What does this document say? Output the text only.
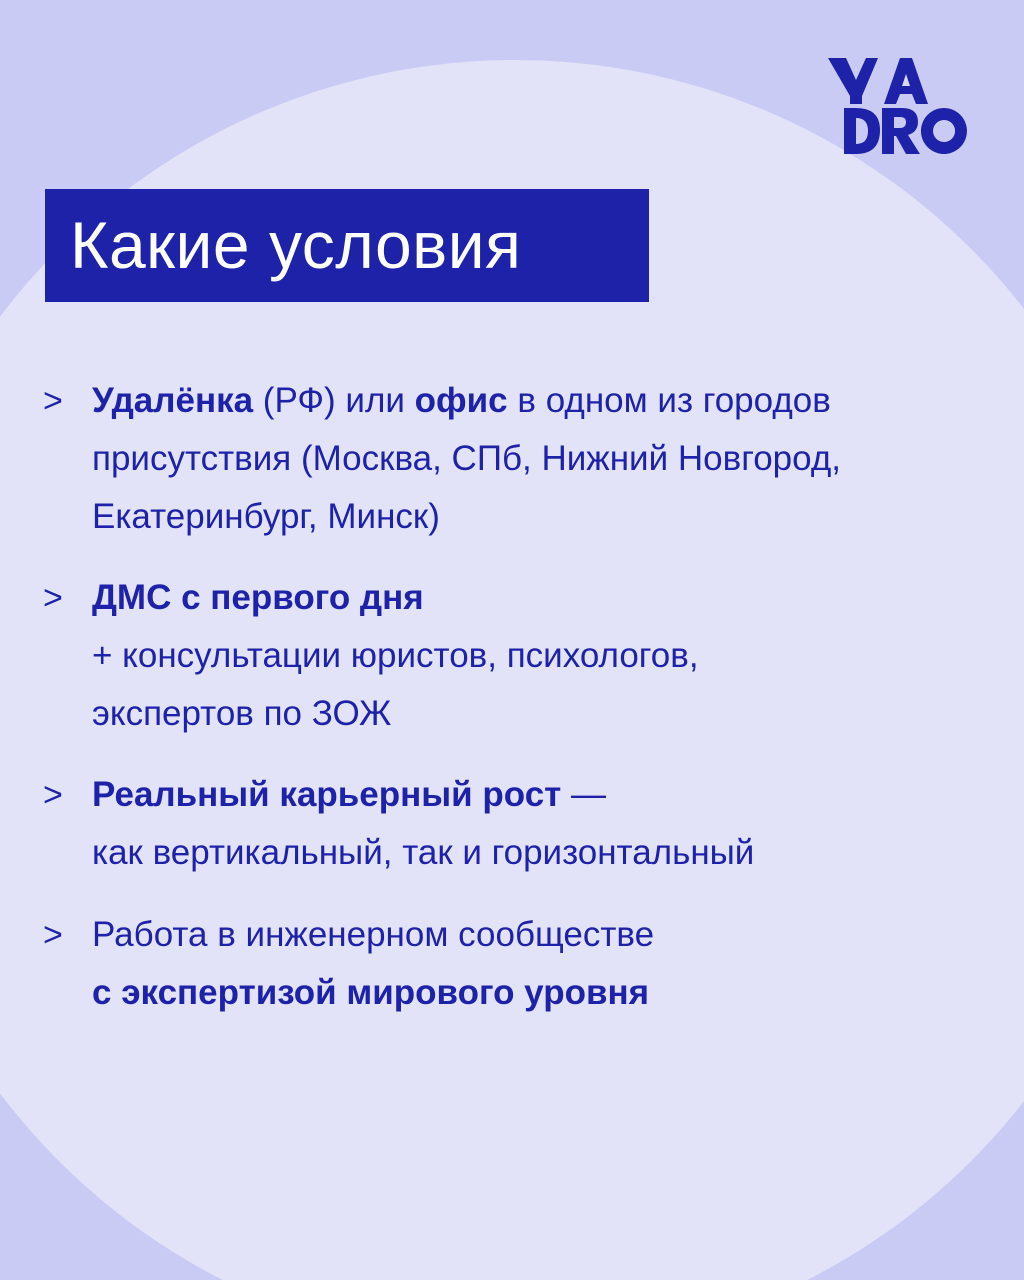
Какие условия
> Удалёнка (РФ) или офис в одном из городов
присутствия (Москва, СПб, Нижний Новгород,
Екатеринбург, Минск)
> ДМС с первого дня
+ консультации юристов, психологов,
экспертов по ЗОЖ
> Реальный карьерный рост —
как вертикальный, так и горизонтальный
> Работа в инженерном сообществе
с экспертизой мирового уровня
